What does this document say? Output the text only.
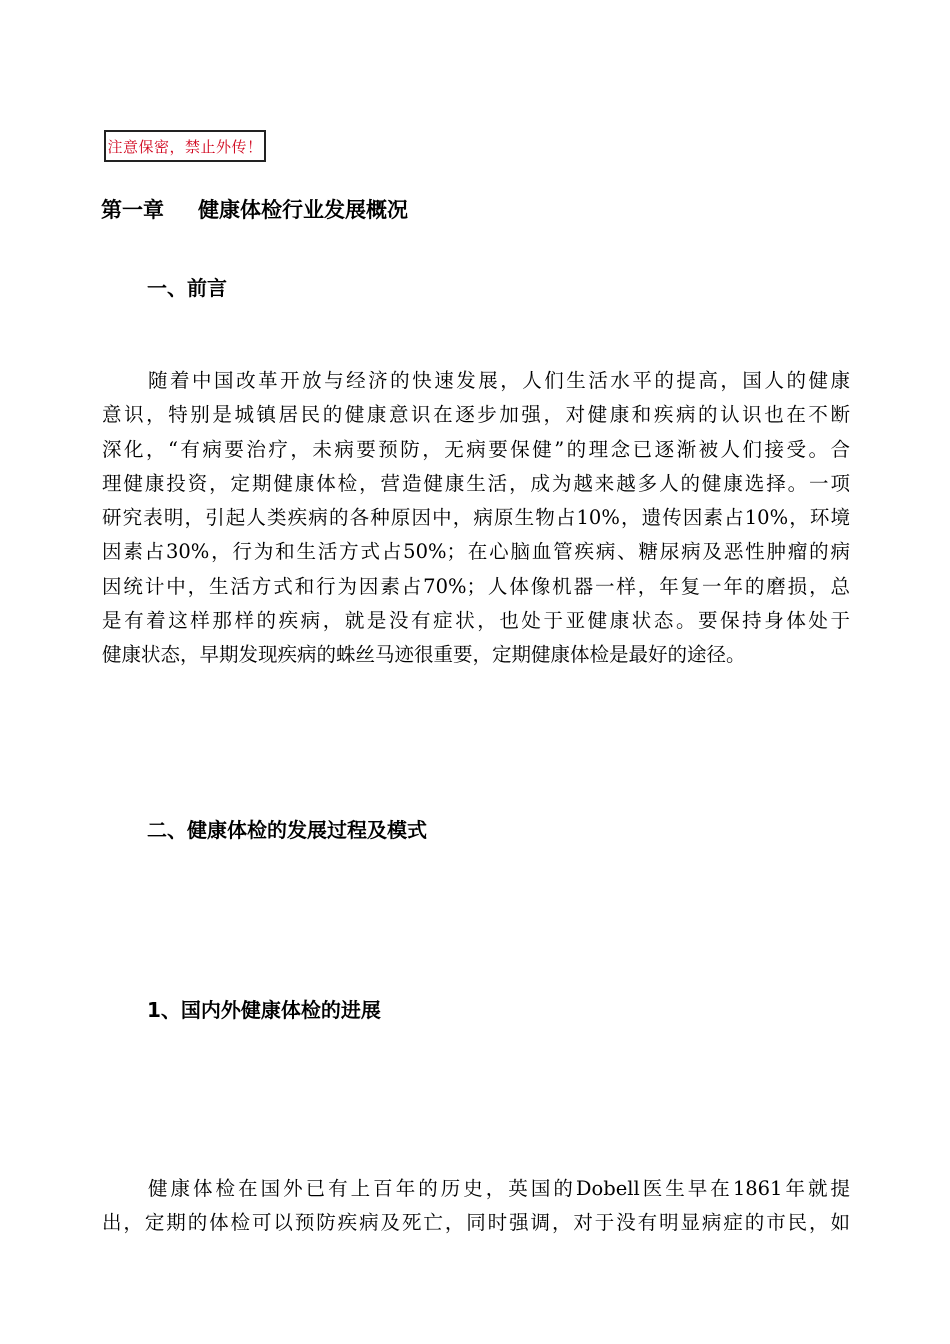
注意保密，禁止外传！
第一章 健康体检行业发展概况
一、前言
随着中国改革开放与经济的快速发展，人们生活水平的提高，国人的健康
意识，特别是城镇居民的健康意识在逐步加强，对健康和疾病的认识也在不断
深化，“有病要治疗，未病要预防，无病要保健”的理念已逐渐被人们接受。合
理健康投资，定期健康体检，营造健康生活，成为越来越多人的健康选择。一项
研究表明，引起人类疾病的各种原因中，病原生物占10%，遗传因素占10%，环境
因素占30%，行为和生活方式占50%；在心脑血管疾病、糖尿病及恶性肿瘤的病
因统计中，生活方式和行为因素占70%；人体像机器一样，年复一年的磨损，总
是有着这样那样的疾病，就是没有症状，也处于亚健康状态。要保持身体处于
健康状态，早期发现疾病的蛛丝马迹很重要，定期健康体检是最好的途径。
二、健康体检的发展过程及模式
1、国内外健康体检的进展
健康体检在国外已有上百年的历史，英国的Dobell医生早在1861年就提
出，定期的体检可以预防疾病及死亡，同时强调，对于没有明显病症的市民，如
